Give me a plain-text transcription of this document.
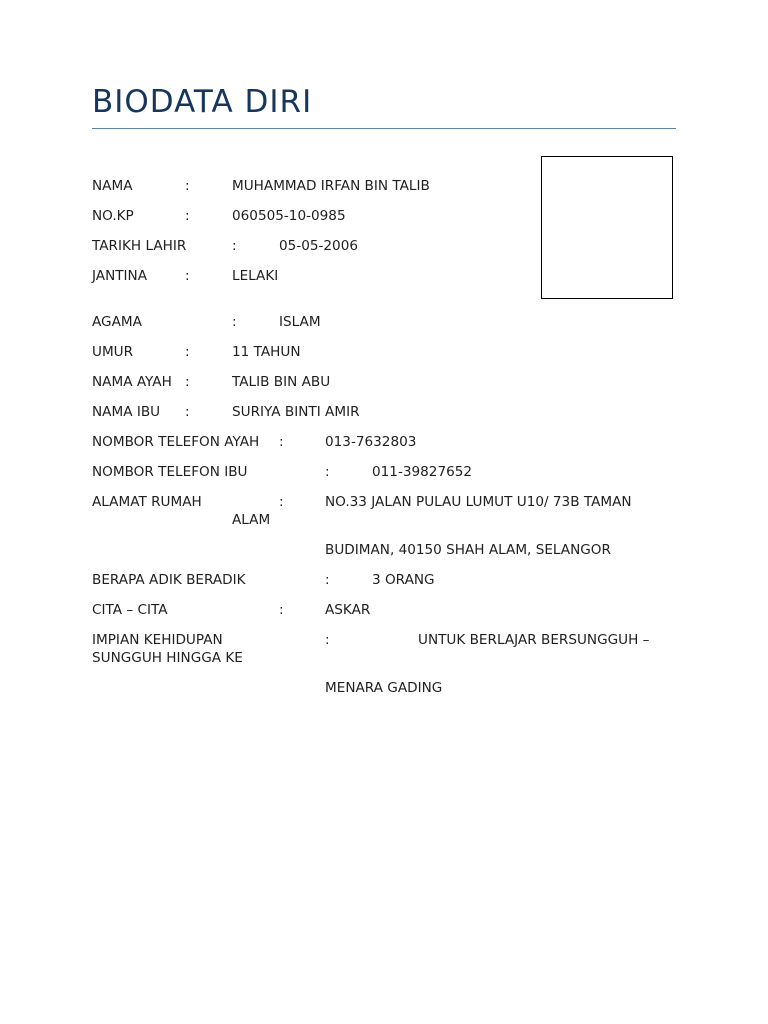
BIODATA DIRI
NAMA	:	MUHAMMAD IRFAN BIN TALIB
NO.KP	:	060505-10-0985
TARIKH LAHIR	:	05-05-2006
JANTINA	:	LELAKI
AGAMA	:	ISLAM
UMUR	:	11 TAHUN
NAMA AYAH :	TALIB BIN ABU
NAMA IBU :	SURIYA BINTI AMIR
NOMBOR TELEFON AYAH :	013-7632803
NOMBOR TELEFON IBU	:	011-39827652
ALAMAT RUMAH	:	NO.33 JALAN PULAU LUMUT U10/ 73B TAMAN
ALAM
BUDIMAN, 40150 SHAH ALAM, SELANGOR
BERAPA ADIK BERADIK	:	3 ORANG
CITA – CITA	:	ASKAR
IMPIAN KEHIDUPAN	:	UNTUK BERLAJAR BERSUNGGUH –
SUNGGUH HINGGA KE
MENARA GADING
